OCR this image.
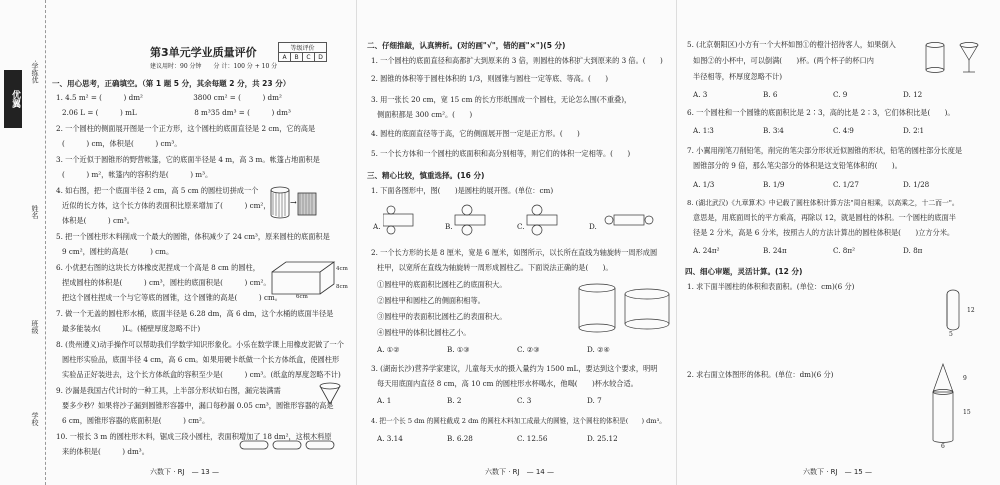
优翼
·学练优
姓名
班级
学校
第3单元学业质量评价	等级评价
A	B	C	D
建议用时：90 分钟　　分 计：100 分 + 10 分
一、用心思考，正确填空。（第 1 题 5 分，其余每题 2 分，共 23 分）
1. 4.5 m² = (　　　) dm²　　　　　　　3800 cm² = (　　　) dm²
2.06 L = (　　　) mL　　　　　　　　8 m³35 dm³ = (　　　) dm³
2. 一个圆柱的侧面展开图是一个正方形，这个圆柱的底面直径是 2 cm，它的高是
(　　　) cm，体积是(　　　) cm³。
3. 一个近似于圆锥形的野营帐篷，它的底面半径是 4 m，高 3 m。帐篷占地面积是
(　　　) m²，帐篷内的容积约是(　　　) m³。
4. 如右图，把一个底面半径 2 cm，高 5 cm 的圆柱切拼成一个
近似的长方体，这个长方体的表面积比原来增加了(　　　) cm²，
体积是(　　　) cm³。
→
5. 把一个圆柱形木料削成一个最大的圆锥，体积减少了 24 cm³，原来圆柱的底面积是
9 cm²，圆柱的高是(　　　) cm。
6. 小优把右图的这块长方体橡皮泥捏成一个高是 8 cm 的圆柱，
捏成圆柱的体积是(　　　) cm³，圆柱的底面积是(　　　) cm²。
把这个圆柱捏成一个与它等底的圆锥，这个圆锥的高是(　　　) cm。	6cm
4cm
8cm
7. 做一个无盖的圆柱形水桶，底面半径是 6.28 dm，高 6 dm，这个水桶的底面半径是
最多能装水(　　　)L。(桶壁厚度忽略不计)
8. (贵州遵义)动手操作可以帮助我们学数学知识形象化。小乐在数学课上用橡皮泥做了一个
圆柱形实验品，底面半径 4 cm，高 6 cm。如果用硬卡纸做一个长方体纸盒，使圆柱形
实验品正好装进去，这个长方体纸盒的容积至少是(　　　) cm³。(纸盒的厚度忽略不计)
9. 沙漏是我国古代计时的一种工具，上半部分形状如右图，漏完装满需
要多少秒？如果将沙子漏到圆锥形容器中，漏口每秒漏 0.05 cm³，圆锥形容器的高是
6 cm，圆锥形容器的底面积是(　　　) cm²。
10. 一根长 3 m 的圆柱形木料，锯成三段小圆柱，表面积增加了 18 dm²，这根木料原
来的体积是(　　　) dm³。
六数下 · RJ　— 13 —
二、仔细推敲，认真辨析。(对的画"√"，错的画"×")(5 分)
1. 一个圆柱的底面直径和高都扩大到原来的 3 倍，则圆柱的体积扩大到原来的 3 倍。(　　)
2. 圆锥的体积等于圆柱体积的 1/3，则圆锥与圆柱一定等底、等高。(　　)
3. 用一张长 20 cm，宽 15 cm 的长方形纸围成一个圆柱，无论怎么围(不重叠)，
侧面积都是 300 cm²。(　　)
4. 圆柱的底面直径等于高，它的侧面展开图一定是正方形。(　　)
5. 一个长方体和一个圆柱的底面积和高分别相等，则它们的体积一定相等。(　　)
三、精心比较，慎重选择。(16 分)
1. 下面各图形中，图(　　)是圆柱的展开图。(单位：cm)
A.	B.	C.	D.
2. 一个长方形的长是 8 厘米，宽是 6 厘米，如图所示，以长所在直线为轴旋转一周形成圆
柱甲，以宽所在直线为轴旋转一周形成圆柱乙。下面说法正确的是(　　)。
①圆柱甲的底面积比圆柱乙的底面积大。
②圆柱甲和圆柱乙的侧面积相等。
③圆柱甲的表面积比圆柱乙的表面积大。
④圆柱甲的体积比圆柱乙小。
A. ①②	B. ①③	C. ②③	D. ②④
3. (湖南长沙)营养学家建议，儿童每天水的摄入量约为 1500 mL，要达到这个要求，明明
每天用底面内直径 8 cm，高 10 cm 的圆柱形水杯喝水，他喝(　　)杯水较合适。
A. 1	B. 2	C. 3	D. 7
4. 把一个长 5 dm 的圆柱截成 2 dm 的圆柱木料加工成最大的圆锥，这个圆柱的体积是(　　) dm³。
A. 3.14	B. 6.28	C. 12.56	D. 25.12
六数下 · RJ　— 14 —
5. (北京朝阳区)小方有一个大杯如图①的橙汁招待客人，如果倒入
如图②的小杯中，可以倒满(　　)杯。(两个杯子的杯口内
半径相等，杯厚度忽略不计)
A. 3	B. 6	C. 9	D. 12
6. 一个圆柱和一个圆锥的底面积比是 2∶3，高的比是 2∶3，它们体积比是(　　)。
A. 1∶3	B. 3∶4	C. 4∶9	D. 2∶1
7. 小翼用削笔刀削铅笔，削完的笔尖部分形状近似圆锥的形状，铅笔的圆柱部分长度是
圆锥部分的 9 倍，那么笔尖部分的体积是这支铅笔体积的(　　)。
A. 1/3	B. 1/9	C. 1/27	D. 1/28
8. (湖北武汉)《九章算术》中记载了圆柱体积计算方法"周自相乘，以高乘之，十二而一"。
意思是，用底面周长的平方乘高，再除以 12，就是圆柱的体积。一个圆柱的底面半
径是 2 分米，高是 6 分米，按照古人的方法计算出的圆柱体积是(　　)立方分米。
A. 24π²	B. 24π	C. 8π²	D. 8π
四、细心审题，灵活计算。(12 分)
1. 求下面半圆柱的体积和表面积。(单位：cm)(6 分)
12
5
2. 求右面立体图形的体积。(单位：dm)(6 分)	9
15
6
六数下 · RJ　— 15 —
